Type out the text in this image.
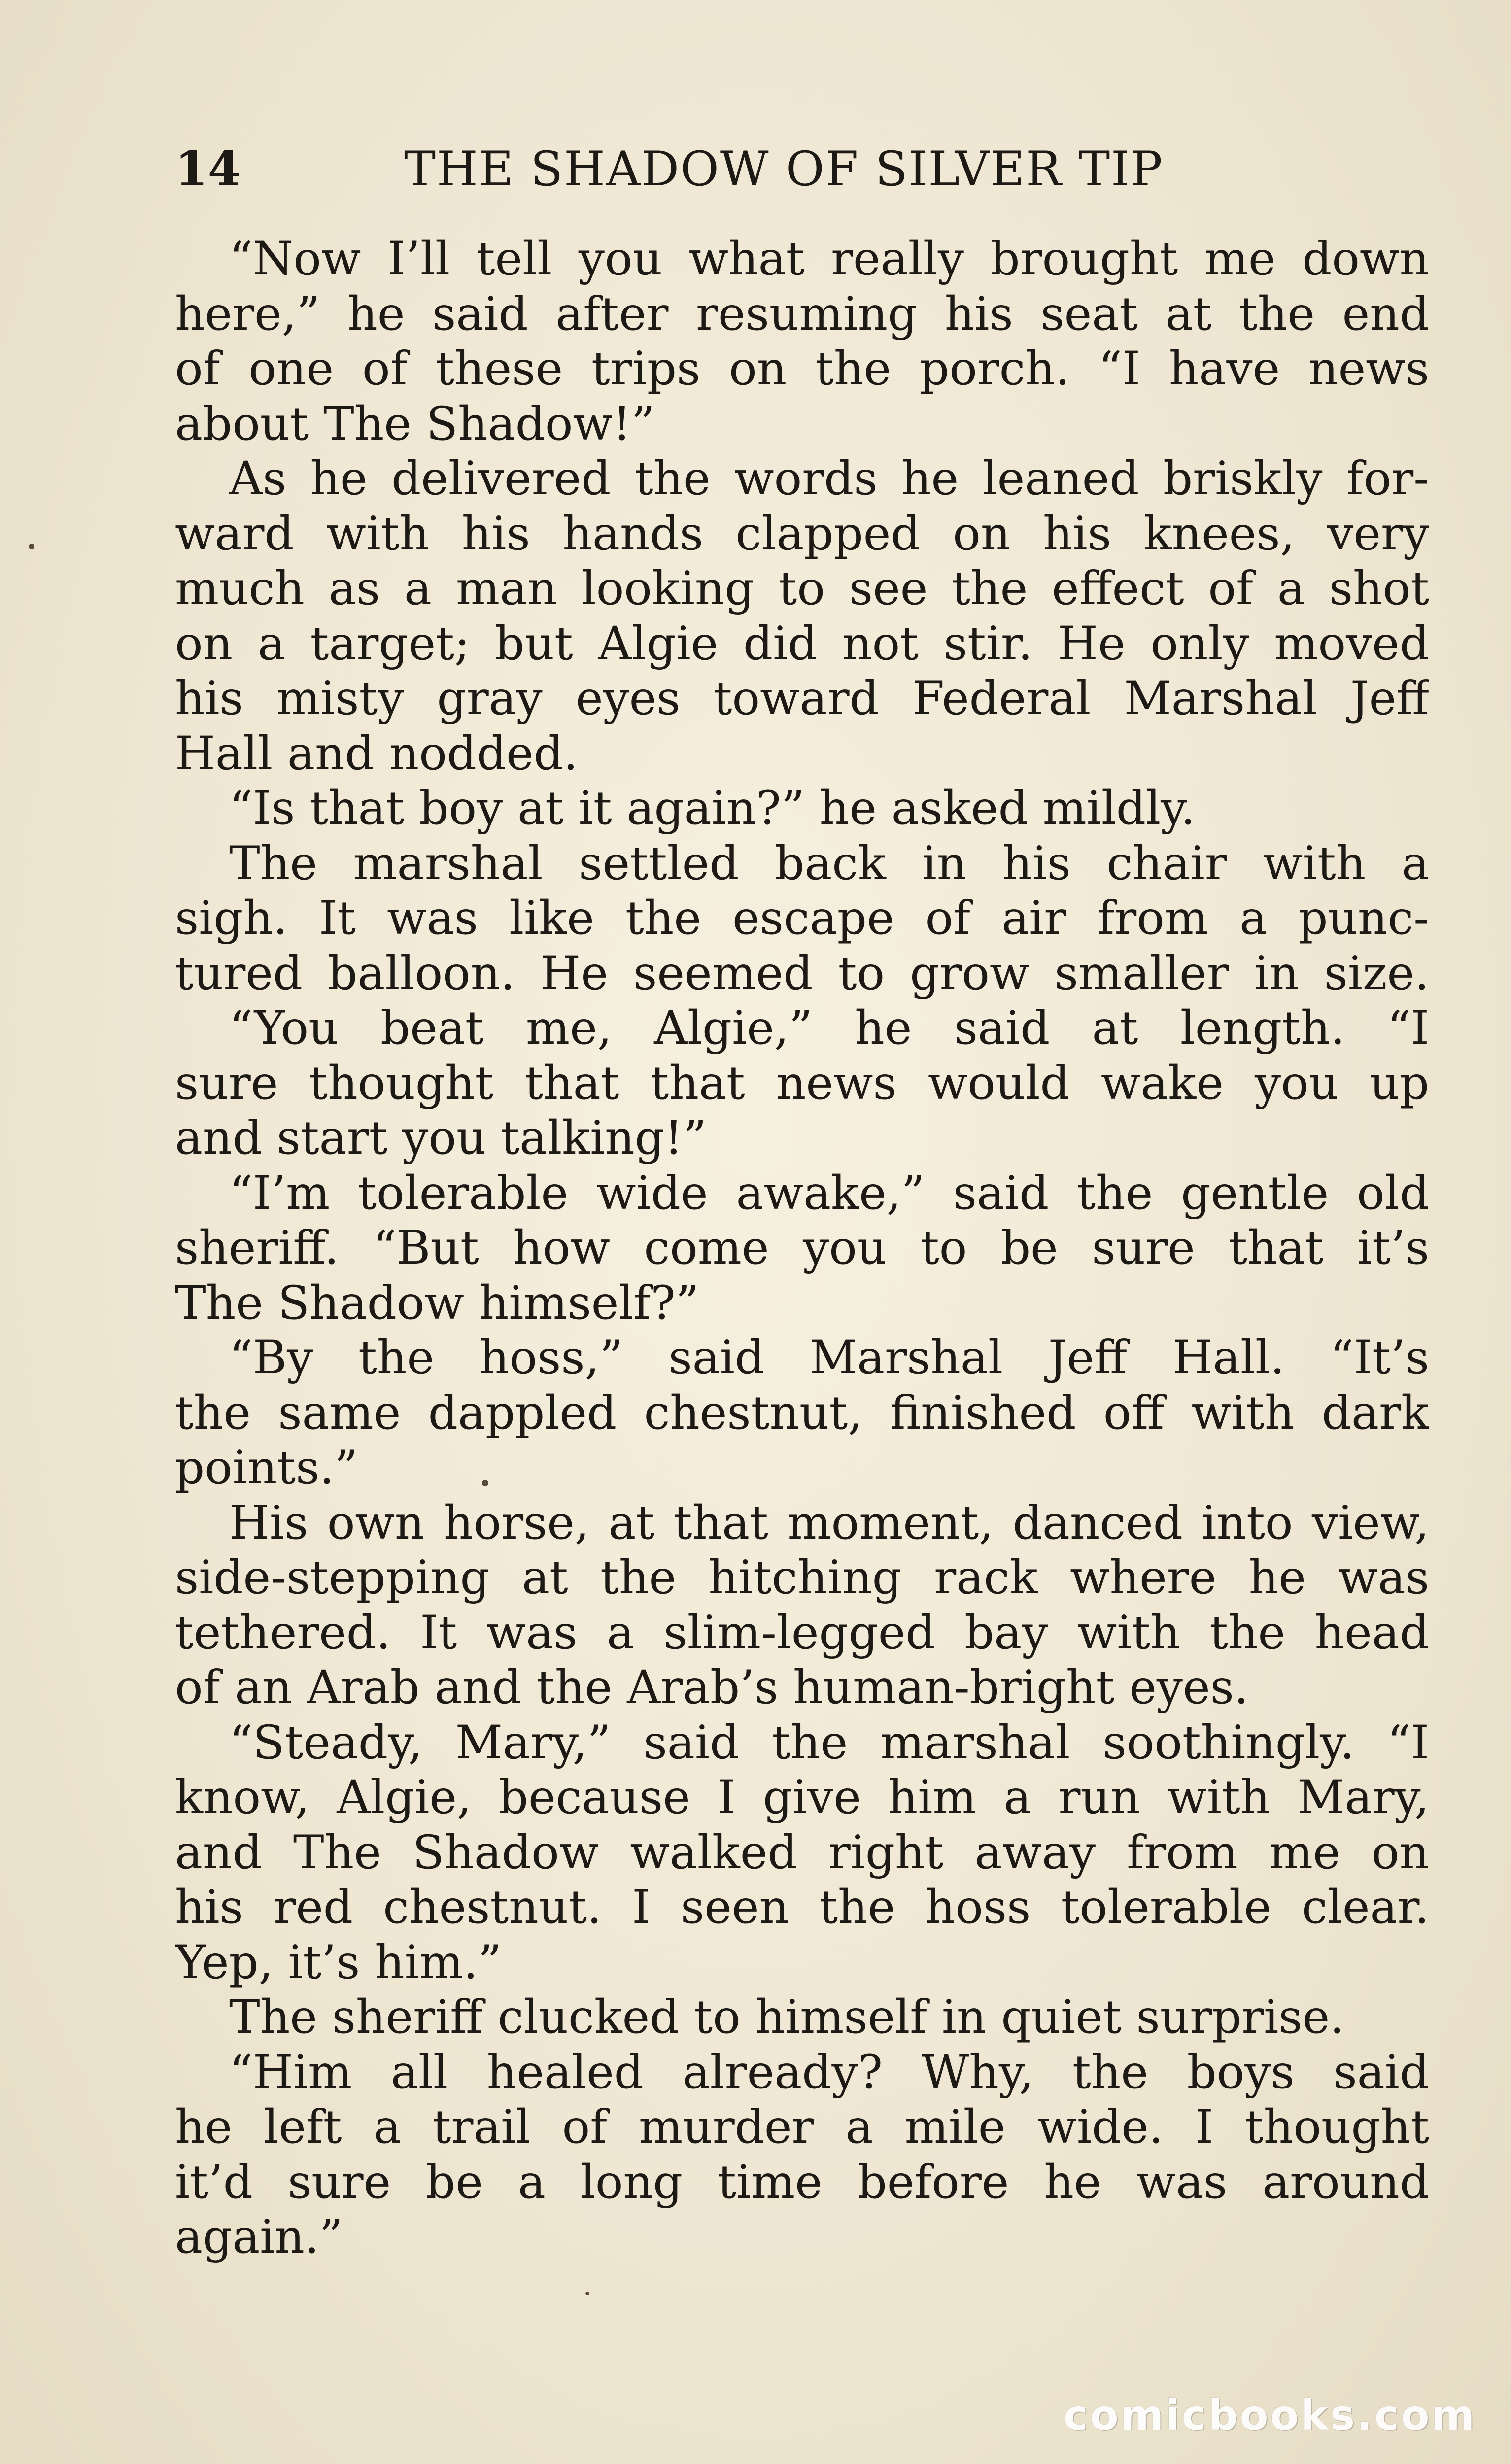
14	THE SHADOW OF SILVER TIP
“Now I’ll tell you what really brought me down
here,” he said after resuming his seat at the end
of one of these trips on the porch. “I have news
about The Shadow!”
As he delivered the words he leaned briskly for-
ward with his hands clapped on his knees, very
much as a man looking to see the effect of a shot
on a target; but Algie did not stir. He only moved
his misty gray eyes toward Federal Marshal Jeff
Hall and nodded.
“Is that boy at it again?” he asked mildly.
The marshal settled back in his chair with a
sigh. It was like the escape of air from a punc-
tured balloon. He seemed to grow smaller in size.
“You beat me, Algie,” he said at length. “I
sure thought that that news would wake you up
and start you talking!”
“I’m tolerable wide awake,” said the gentle old
sheriff. “But how come you to be sure that it’s
The Shadow himself?”
“By the hoss,” said Marshal Jeff Hall. “It’s
the same dappled chestnut, finished off with dark
points.”
His own horse, at that moment, danced into view,
side-stepping at the hitching rack where he was
tethered. It was a slim-legged bay with the head
of an Arab and the Arab’s human-bright eyes.
“Steady, Mary,” said the marshal soothingly. “I
know, Algie, because I give him a run with Mary,
and The Shadow walked right away from me on
his red chestnut. I seen the hoss tolerable clear.
Yep, it’s him.”
The sheriff clucked to himself in quiet surprise.
“Him all healed already? Why, the boys said
he left a trail of murder a mile wide. I thought
it’d sure be a long time before he was around
again.”
comicbooks.com
